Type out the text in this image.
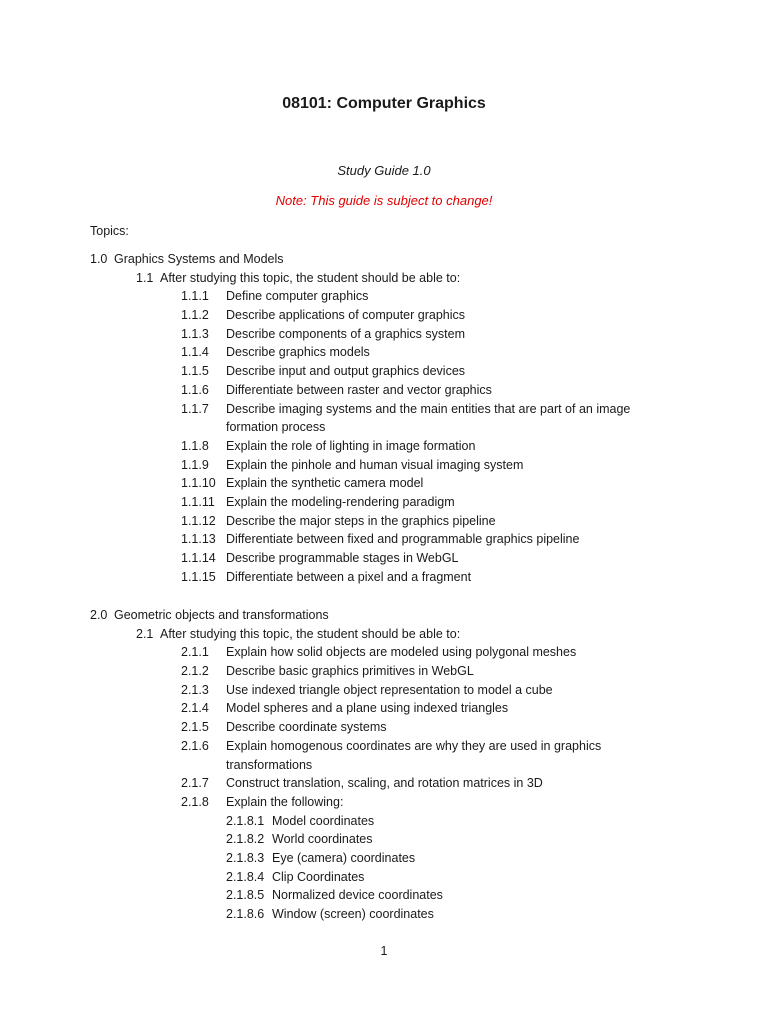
08101: Computer Graphics
Study Guide 1.0
Note: This guide is subject to change!
Topics:
1.0 Graphics Systems and Models
1.1 After studying this topic, the student should be able to:
1.1.1 Define computer graphics
1.1.2 Describe applications of computer graphics
1.1.3 Describe components of a graphics system
1.1.4 Describe graphics models
1.1.5 Describe input and output graphics devices
1.1.6 Differentiate between raster and vector graphics
1.1.7 Describe imaging systems and the main entities that are part of an image
formation process
1.1.8 Explain the role of lighting in image formation
1.1.9 Explain the pinhole and human visual imaging system
1.1.10 Explain the synthetic camera model
1.1.11 Explain the modeling-rendering paradigm
1.1.12 Describe the major steps in the graphics pipeline
1.1.13 Differentiate between fixed and programmable graphics pipeline
1.1.14 Describe programmable stages in WebGL
1.1.15 Differentiate between a pixel and a fragment
2.0 Geometric objects and transformations
2.1 After studying this topic, the student should be able to:
2.1.1 Explain how solid objects are modeled using polygonal meshes
2.1.2 Describe basic graphics primitives in WebGL
2.1.3 Use indexed triangle object representation to model a cube
2.1.4 Model spheres and a plane using indexed triangles
2.1.5 Describe coordinate systems
2.1.6 Explain homogenous coordinates are why they are used in graphics
transformations
2.1.7 Construct translation, scaling, and rotation matrices in 3D
2.1.8 Explain the following:
2.1.8.1 Model coordinates
2.1.8.2 World coordinates
2.1.8.3 Eye (camera) coordinates
2.1.8.4 Clip Coordinates
2.1.8.5 Normalized device coordinates
2.1.8.6 Window (screen) coordinates
1
